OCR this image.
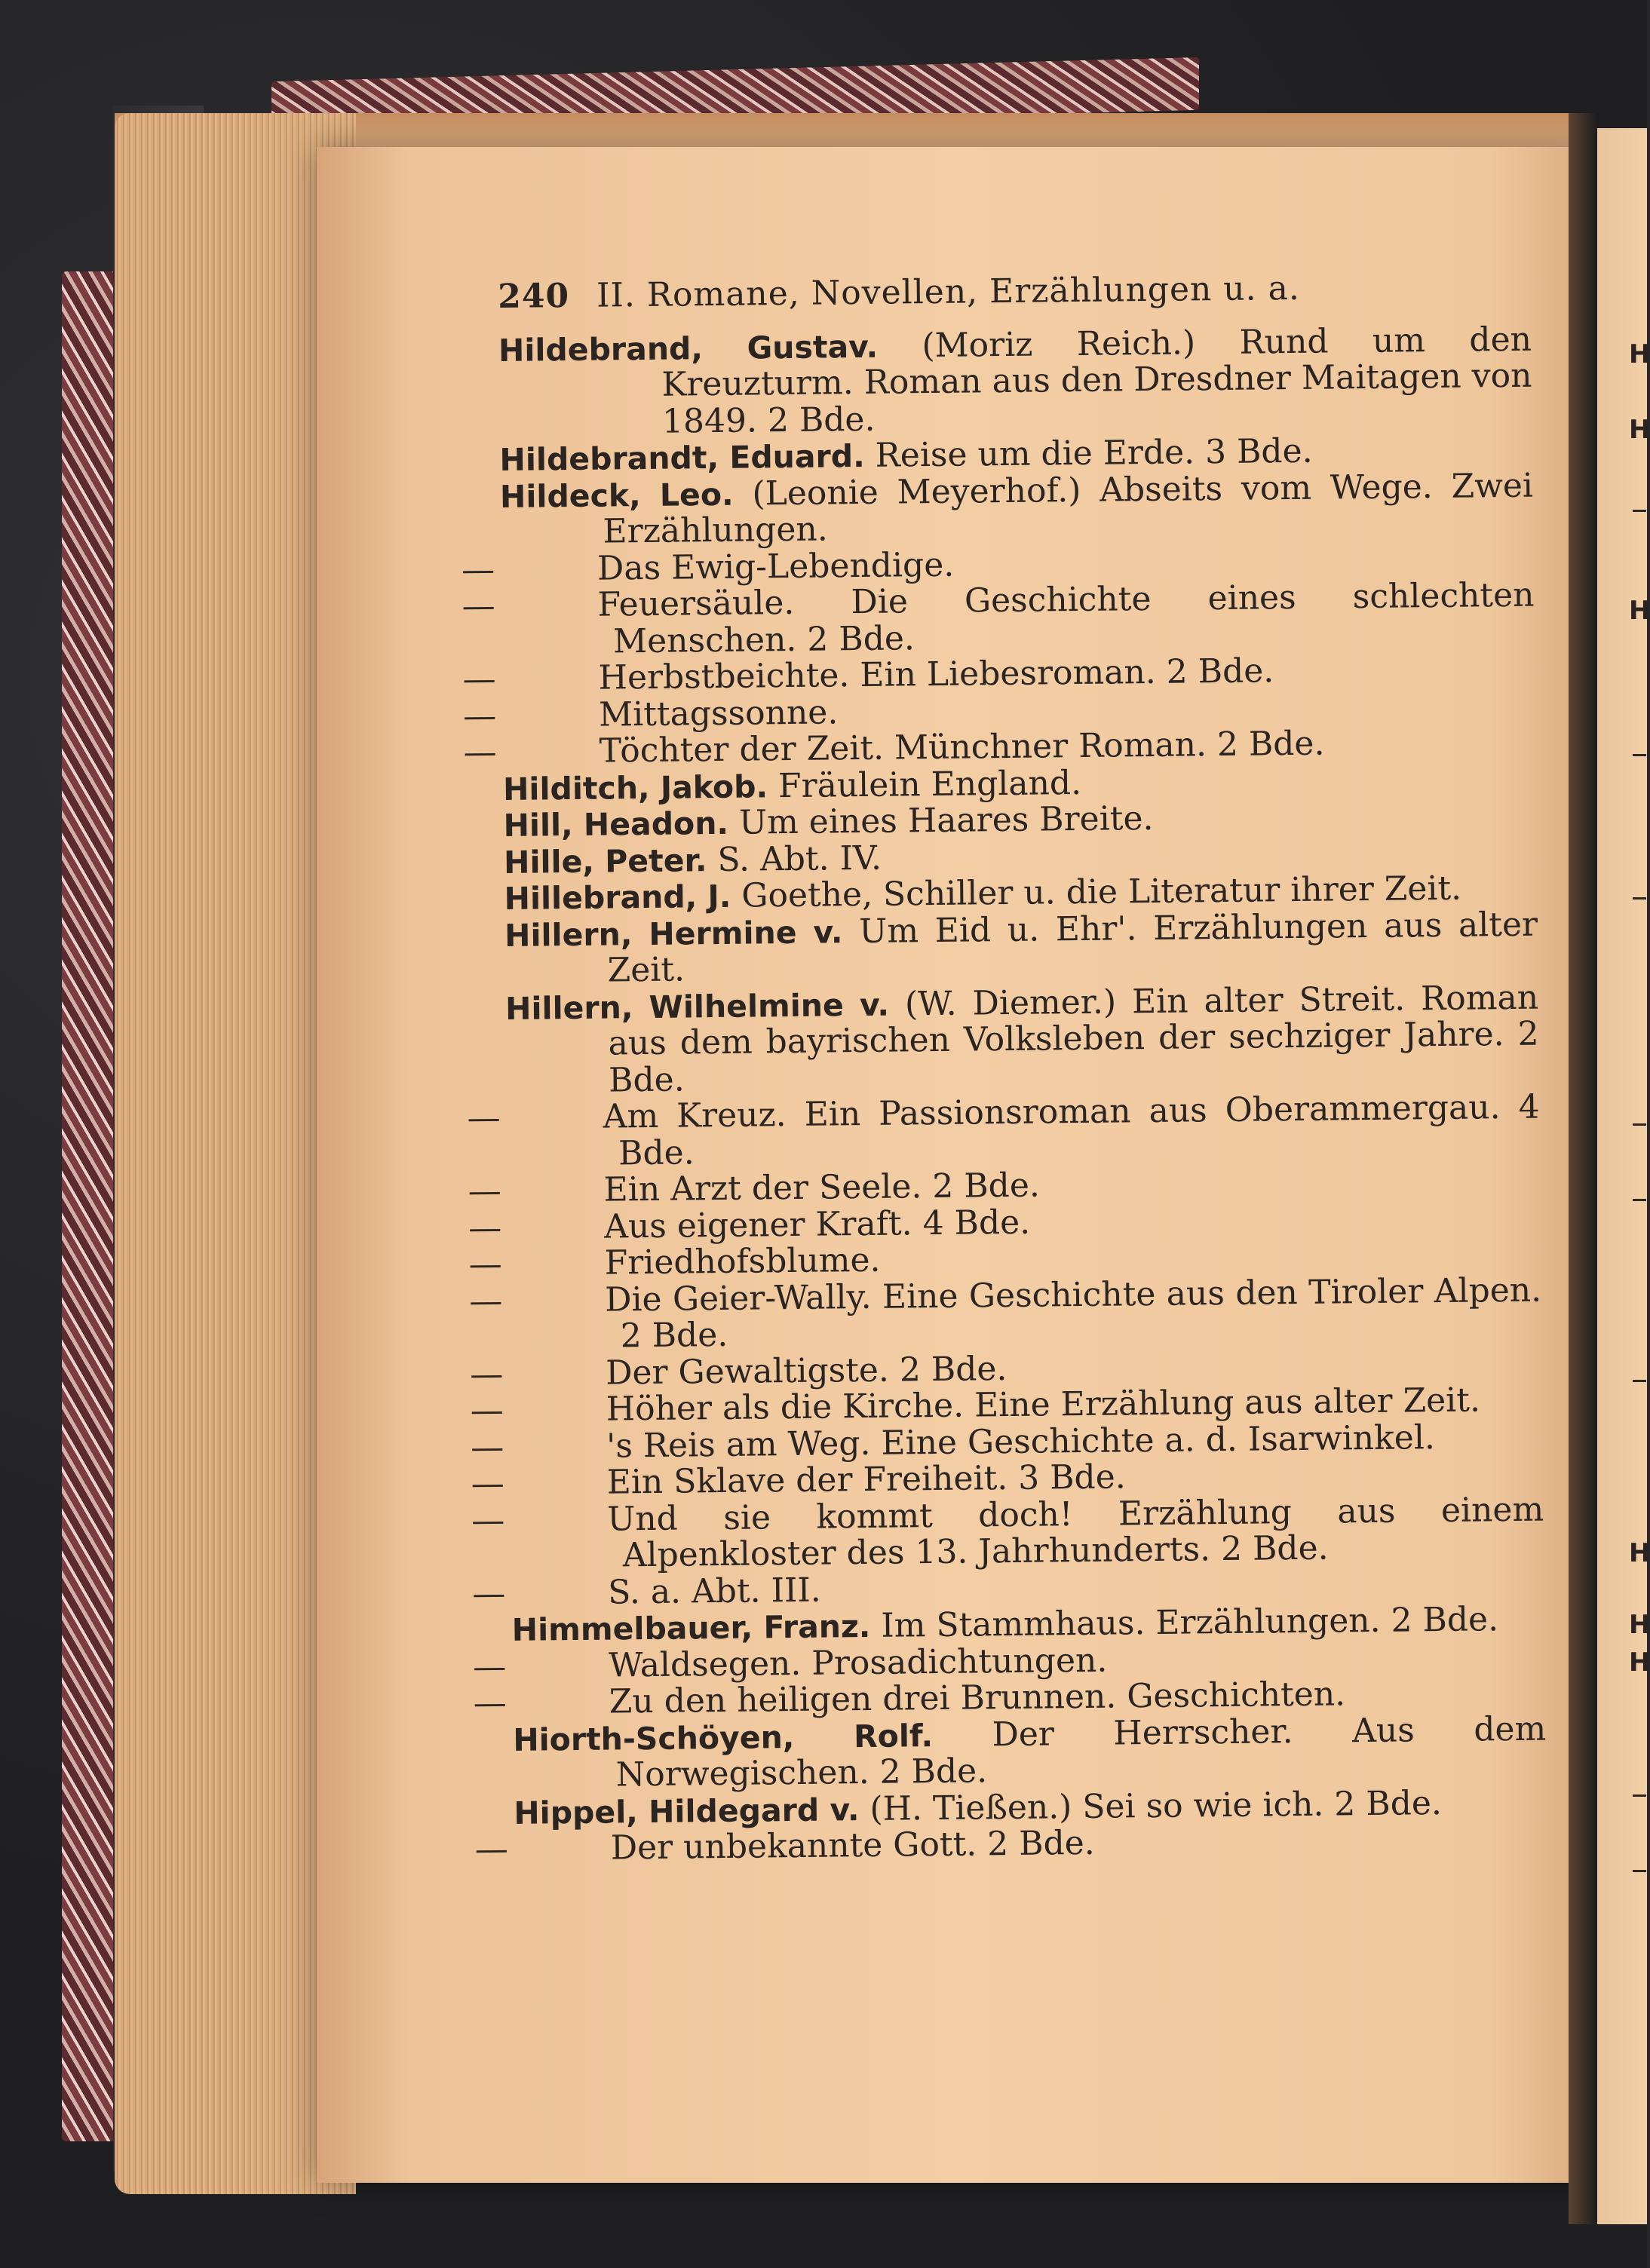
H
H
H
H
H
H
240 II. Romane, Novellen, Erzählungen u. a.
Hildebrand, Gustav. (Moriz Reich.) Rund um den Kreuzturm. Roman aus den Dresdner Maitagen von 1849. 2 Bde.
Hildebrandt, Eduard. Reise um die Erde. 3 Bde.
Hildeck, Leo. (Leonie Meyerhof.) Abseits vom Wege. Zwei Erzählungen.
—	Das Ewig-Lebendige.
—	Feuersäule. Die Geschichte eines schlechten Menschen. 2 Bde.
—	Herbstbeichte. Ein Liebesroman. 2 Bde.
—	Mittagssonne.
—	Töchter der Zeit. Münchner Roman. 2 Bde.
Hilditch, Jakob. Fräulein England.
Hill, Headon. Um eines Haares Breite.
Hille, Peter. S. Abt. IV.
Hillebrand, J. Goethe, Schiller u. die Literatur ihrer Zeit.
Hillern, Hermine v. Um Eid u. Ehr'. Erzählungen aus alter Zeit.
Hillern, Wilhelmine v. (W. Diemer.) Ein alter Streit. Roman aus dem bayrischen Volksleben der sechziger Jahre. 2 Bde.
—	Am Kreuz. Ein Passionsroman aus Oberammergau. 4 Bde.
—	Ein Arzt der Seele. 2 Bde.
—	Aus eigener Kraft. 4 Bde.
—	Friedhofsblume.
—	Die Geier-Wally. Eine Geschichte aus den Tiroler Alpen. 2 Bde.
—	Der Gewaltigste. 2 Bde.
—	Höher als die Kirche. Eine Erzählung aus alter Zeit.
—	's Reis am Weg. Eine Geschichte a. d. Isarwinkel.
—	Ein Sklave der Freiheit. 3 Bde.
—	Und sie kommt doch! Erzählung aus einem Alpenkloster des 13. Jahrhunderts. 2 Bde.
—	S. a. Abt. III.
Himmelbauer, Franz. Im Stammhaus. Erzählungen. 2 Bde.
—	Waldsegen. Prosadichtungen.
—	Zu den heiligen drei Brunnen. Geschichten.
Hiorth-Schöyen, Rolf. Der Herrscher. Aus dem Norwegischen. 2 Bde.
Hippel, Hildegard v. (H. Tießen.) Sei so wie ich. 2 Bde.
—	Der unbekannte Gott. 2 Bde.
